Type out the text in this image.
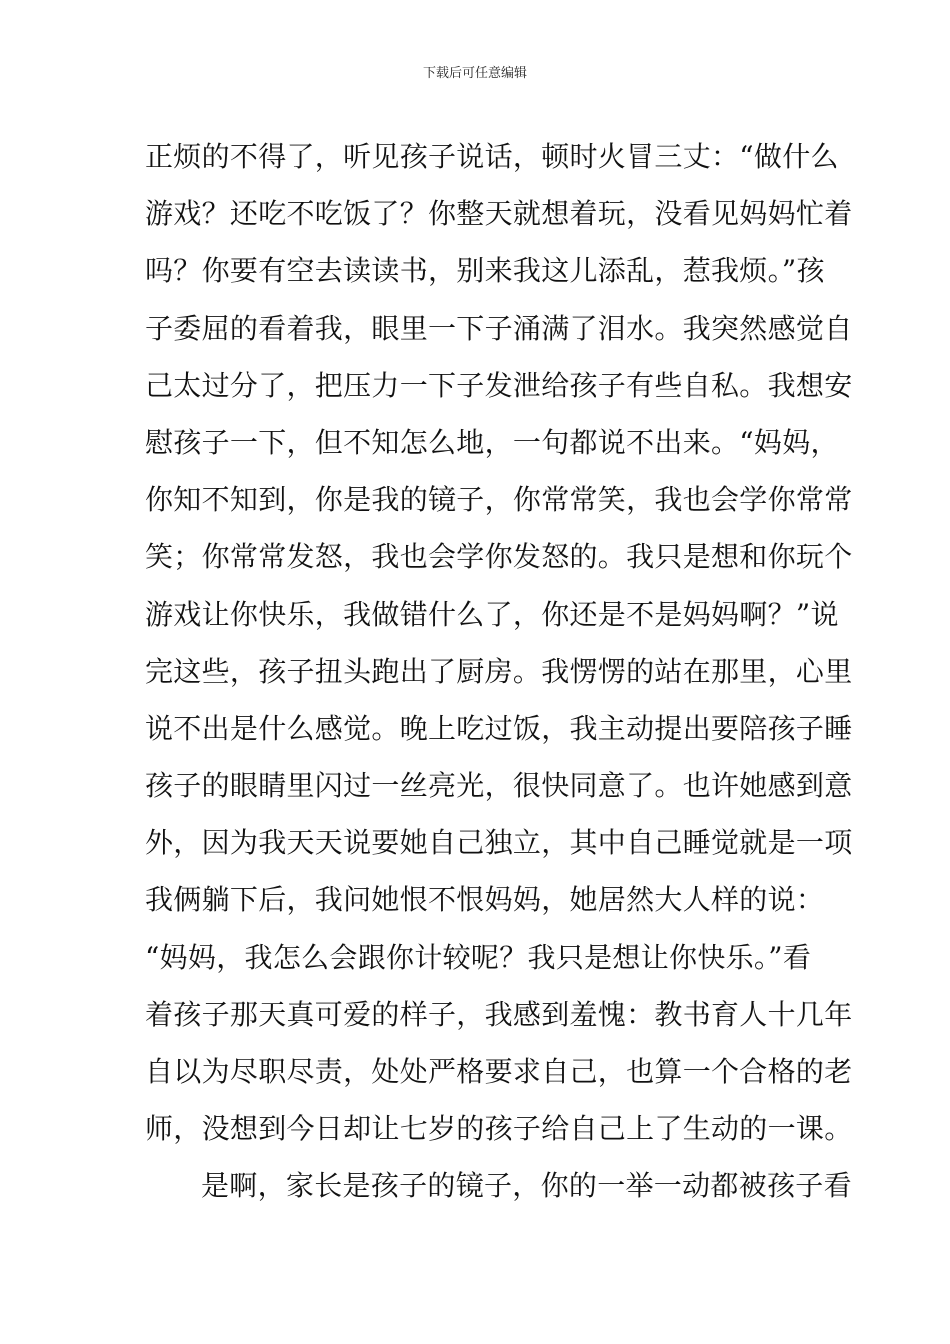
下载后可任意编辑
正烦的不得了，听见孩子说话，顿时火冒三丈：“做什么
游戏？还吃不吃饭了？你整天就想着玩，没看见妈妈忙着
吗？你要有空去读读书，别来我这儿添乱，惹我烦。”孩
子委屈的看着我，眼里一下子涌满了泪水。我突然感觉自
己太过分了，把压力一下子发泄给孩子有些自私。我想安
慰孩子一下，但不知怎么地，一句都说不出来。“妈妈，
你知不知到，你是我的镜子，你常常笑，我也会学你常常
笑；你常常发怒，我也会学你发怒的。我只是想和你玩个
游戏让你快乐，我做错什么了，你还是不是妈妈啊？”说
完这些，孩子扭头跑出了厨房。我愣愣的站在那里，心里
说不出是什么感觉。晚上吃过饭，我主动提出要陪孩子睡
孩子的眼睛里闪过一丝亮光，很快同意了。也许她感到意
外，因为我天天说要她自己独立，其中自己睡觉就是一项
我俩躺下后，我问她恨不恨妈妈，她居然大人样的说：
“妈妈，我怎么会跟你计较呢？我只是想让你快乐。”看
着孩子那天真可爱的样子，我感到羞愧：教书育人十几年
自以为尽职尽责，处处严格要求自己，也算一个合格的老
师，没想到今日却让七岁的孩子给自己上了生动的一课。
是啊，家长是孩子的镜子，你的一举一动都被孩子看
